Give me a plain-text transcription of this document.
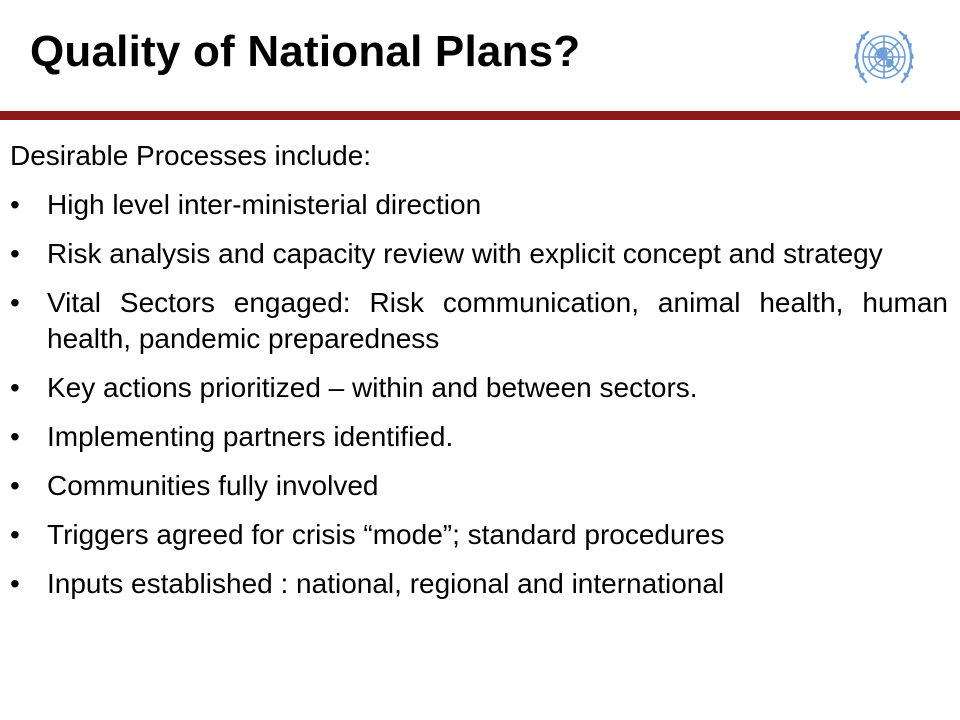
Quality of National Plans?

Desirable Processes include:

• High level inter-ministerial direction
• Risk analysis and capacity review with explicit concept and strategy
• Vital Sectors engaged: Risk communication, animal health, human health, pandemic preparedness
• Key actions prioritized – within and between sectors.
• Implementing partners identified.
• Communities fully involved
• Triggers agreed for crisis “mode”; standard procedures
• Inputs established : national, regional and international
